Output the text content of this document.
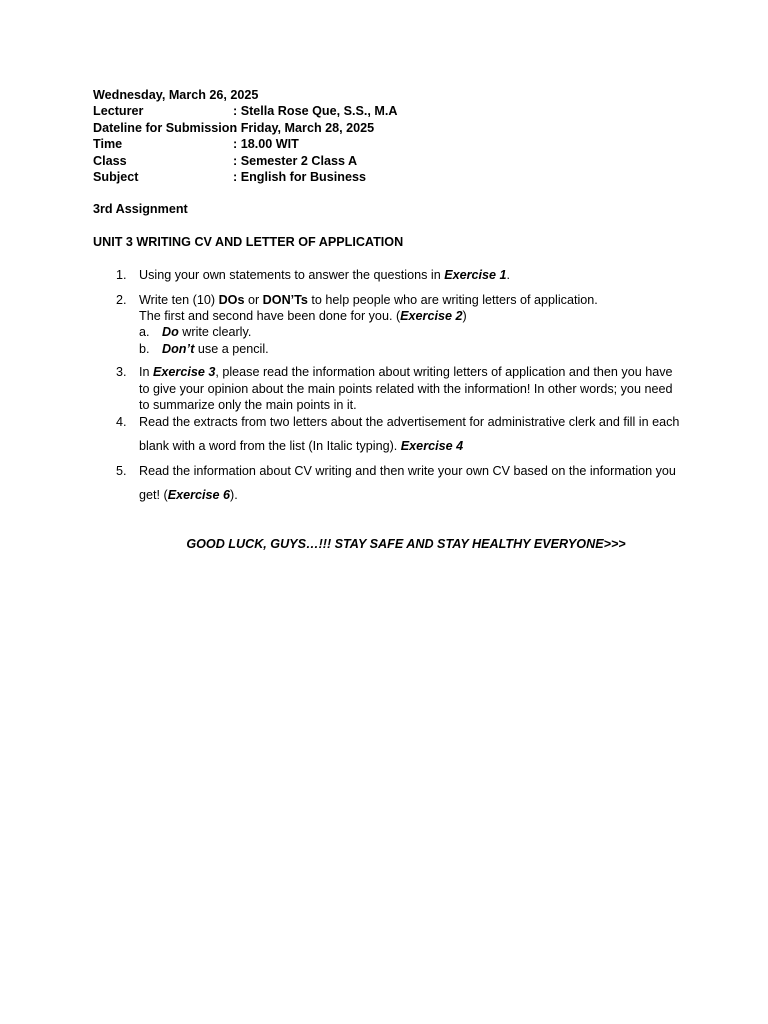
Wednesday, March 26, 2025
Lecturer	: Stella Rose Que, S.S., M.A
Dateline for Submission
: Friday, March 28, 2025
Time	: 18.00 WIT
Class	: Semester 2 Class A
Subject	: English for Business
3rd Assignment
UNIT 3 WRITING CV AND LETTER OF APPLICATION
1. Using your own statements to answer the questions in Exercise 1.
2. Write ten (10) DOs or DON’Ts to help people who are writing letters of application.
The first and second have been done for you. (Exercise 2)
a. Do write clearly.
b. Don’t use a pencil.
3. In Exercise 3, please read the information about writing letters of application and then you have to give your opinion about the main points related with the information! In other words; you need to summarize only the main points in it.
4. Read the extracts from two letters about the advertisement for administrative clerk and fill in each blank with a word from the list (In Italic typing). Exercise 4
5. Read the information about CV writing and then write your own CV based on the information you get! (Exercise 6).
GOOD LUCK, GUYS…!!! STAY SAFE AND STAY HEALTHY EVERYONE>>>
